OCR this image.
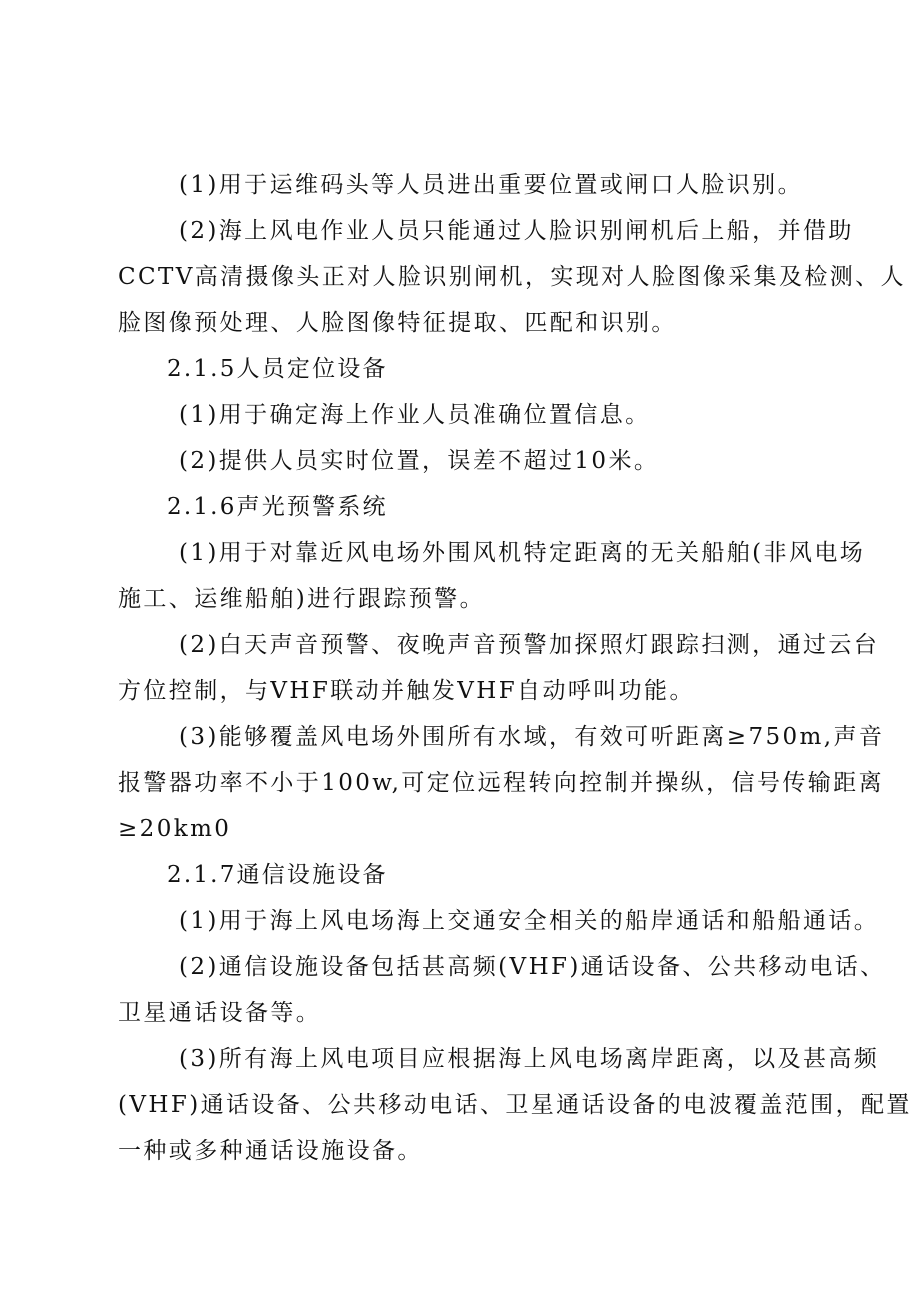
(1)用于运维码头等人员进出重要位置或闸口人脸识别。
(2)海上风电作业人员只能通过人脸识别闸机后上船，并借助
CCTV高清摄像头正对人脸识别闸机，实现对人脸图像采集及检测、人
脸图像预处理、人脸图像特征提取、匹配和识别。
2.1.5人员定位设备
(1)用于确定海上作业人员准确位置信息。
(2)提供人员实时位置，误差不超过10米。
2.1.6声光预警系统
(1)用于对靠近风电场外围风机特定距离的无关船舶(非风电场
施工、运维船舶)进行跟踪预警。
(2)白天声音预警、夜晚声音预警加探照灯跟踪扫测，通过云台
方位控制，与VHF联动并触发VHF自动呼叫功能。
(3)能够覆盖风电场外围所有水域，有效可听距离≥750m,声音
报警器功率不小于100w,可定位远程转向控制并操纵，信号传输距离
≥20km0
2.1.7通信设施设备
(1)用于海上风电场海上交通安全相关的船岸通话和船船通话。
(2)通信设施设备包括甚高频(VHF)通话设备、公共移动电话、
卫星通话设备等。
(3)所有海上风电项目应根据海上风电场离岸距离，以及甚高频
(VHF)通话设备、公共移动电话、卫星通话设备的电波覆盖范围，配置
一种或多种通话设施设备。
